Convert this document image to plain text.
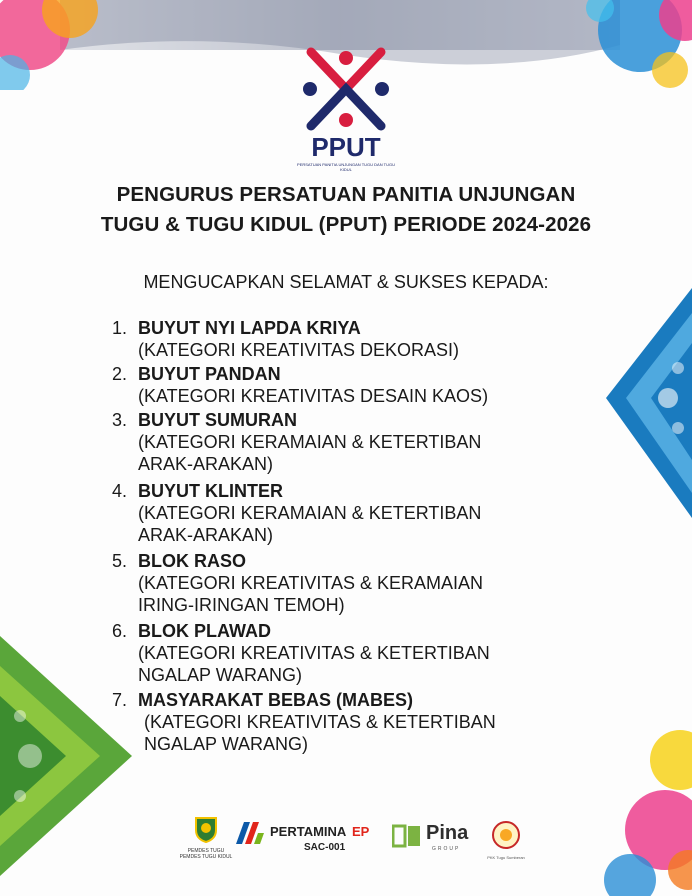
PPUT
PERSATUAN PANITIA UNJUNGAN TUGU DAN TUGU KIDUL
PENGURUS PERSATUAN PANITIA UNJUNGAN
TUGU & TUGU KIDUL (PPUT) PERIODE 2024-2026
MENGUCAPKAN SELAMAT & SUKSES KEPADA:
1. BUYUT NYI LAPDA KRIYA
(KATEGORI KREATIVITAS DEKORASI)
2. BUYUT PANDAN
(KATEGORI KREATIVITAS DESAIN KAOS)
3. BUYUT SUMURAN
(KATEGORI KERAMAIAN & KETERTIBAN
ARAK-ARAKAN)
4. BUYUT KLINTER
(KATEGORI KERAMAIAN & KETERTIBAN
ARAK-ARAKAN)
5. BLOK RASO
(KATEGORI KREATIVITAS & KERAMAIAN
IRING-IRINGAN TEMOH)
6. BLOK PLAWAD
(KATEGORI KREATIVITAS & KETERTIBAN
NGALAP WARANG)
7. MASYARAKAT BEBAS (MABES)
(KATEGORI KREATIVITAS & KETERTIBAN
NGALAP WARANG)
PEMDES TUGU
PEMDES TUGU KIDUL
PERTAMINA EP
SAC-001
Pina
GROUP
PKK Tugu Sumberan
